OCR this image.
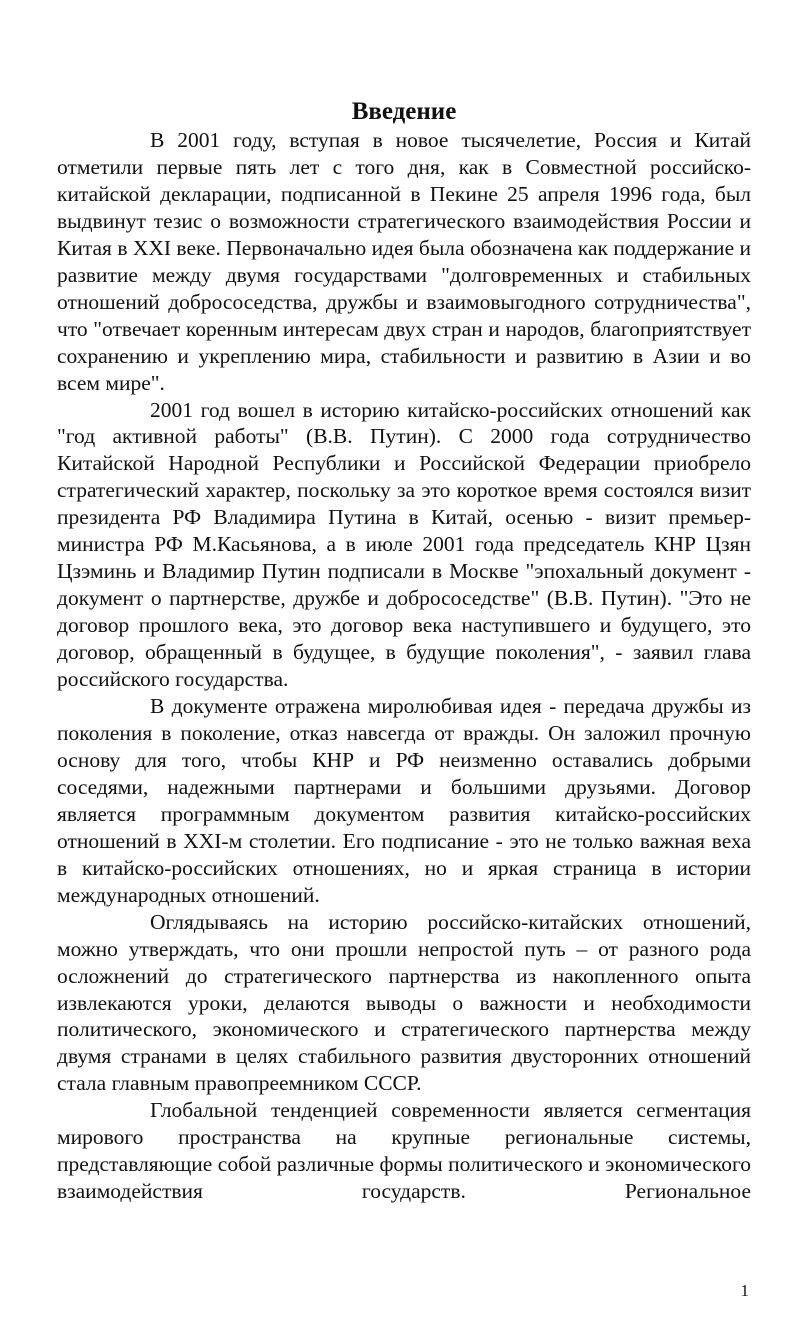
Введение

В 2001 году, вступая в новое тысячелетие, Россия и Китай отметили первые пять лет с того дня, как в Совместной российско-китайской декларации, подписанной в Пекине 25 апреля 1996 года, был выдвинут тезис о возможности стратегического взаимодействия России и Китая в XXI веке. Первоначально идея была обозначена как поддержание и развитие между двумя государствами "долговременных и стабильных отношений добрососедства, дружбы и взаимовыгодного сотрудничества", что "отвечает коренным интересам двух стран и народов, благоприятствует сохранению и укреплению мира, стабильности и развитию в Азии и во всем мире".

2001 год вошел в историю китайско-российских отношений как "год активной работы" (В.В. Путин). С 2000 года сотрудничество Китайской Народной Республики и Российской Федерации приобрело стратегический характер, поскольку за это короткое время состоялся визит президента РФ Владимира Путина в Китай, осенью - визит премьер-министра РФ М.Касьянова, а в июле 2001 года председатель КНР Цзян Цзэминь и Владимир Путин подписали в Москве "эпохальный документ - документ о партнерстве, дружбе и добрососедстве" (В.В. Путин). "Это не договор прошлого века, это договор века наступившего и будущего, это договор, обращенный в будущее, в будущие поколения", - заявил глава российского государства.

В документе отражена миролюбивая идея - передача дружбы из поколения в поколение, отказ навсегда от вражды. Он заложил прочную основу для того, чтобы КНР и РФ неизменно оставались добрыми соседями, надежными партнерами и большими друзьями. Договор является программным документом развития китайско-российских отношений в XXI-м столетии. Его подписание - это не только важная веха в китайско-российских отношениях, но и яркая страница в истории международных отношений.

Оглядываясь на историю российско-китайских отношений, можно утверждать, что они прошли непростой путь – от разного рода осложнений до стратегического партнерства из накопленного опыта извлекаются уроки, делаются выводы о важности и необходимости политического, экономического и стратегического партнерства между двумя странами в целях стабильного развития двусторонних отношений стала главным правопреемником СССР.

Глобальной тенденцией современности является сегментация мирового пространства на крупные региональные системы, представляющие собой различные формы политического и экономического взаимодействия государств. Региональное

1
